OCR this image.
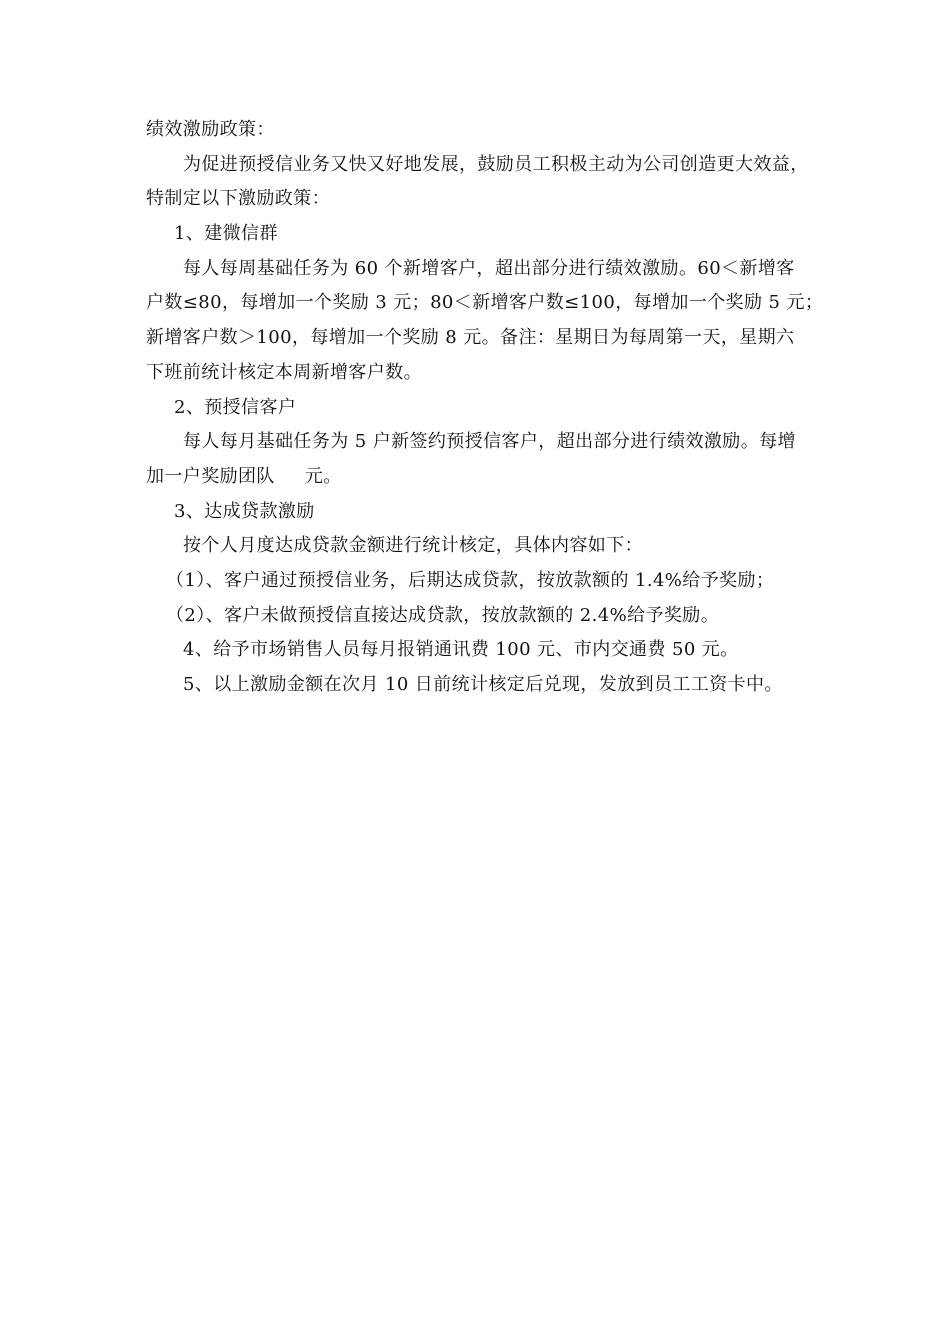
绩效激励政策：
为促进预授信业务又快又好地发展，鼓励员工积极主动为公司创造更大效益，
特制定以下激励政策：
1、建微信群
每人每周基础任务为 60 个新增客户，超出部分进行绩效激励。60＜新增客
户数≤80，每增加一个奖励 3 元；80＜新增客户数≤100，每增加一个奖励 5 元；
新增客户数＞100，每增加一个奖励 8 元。备注：星期日为每周第一天，星期六
下班前统计核定本周新增客户数。
2、预授信客户
每人每月基础任务为 5 户新签约预授信客户，超出部分进行绩效激励。每增
加一户奖励团队 元。
3、达成贷款激励
按个人月度达成贷款金额进行统计核定，具体内容如下：
（1）、客户通过预授信业务，后期达成贷款，按放款额的 1.4%给予奖励；
（2）、客户未做预授信直接达成贷款，按放款额的 2.4%给予奖励。
4、给予市场销售人员每月报销通讯费 100 元、市内交通费 50 元。
5、以上激励金额在次月 10 日前统计核定后兑现，发放到员工工资卡中。
